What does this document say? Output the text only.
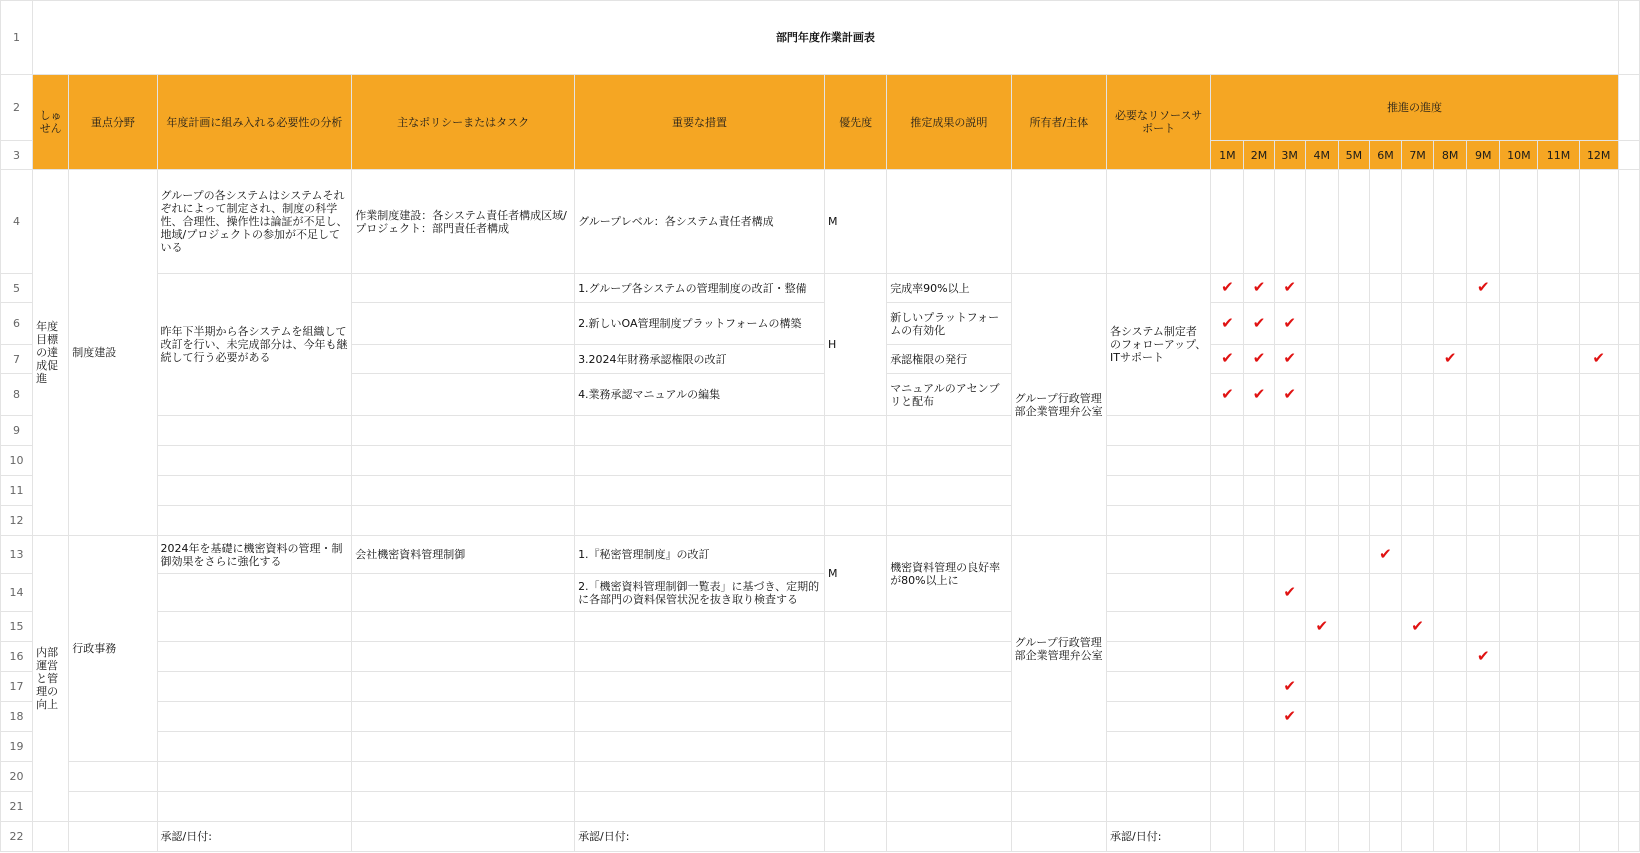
1	部門年度作業計画表																					
2	しゅせん	重点分野	年度計画に組み入れる必要性の分析	主なポリシーまたはタスク	重要な措置	優先度	推定成果の説明	所有者/主体	必要なリソースサポート	推進の進度												
3										1M	2M	3M	4M	5M	6M	7M	8M	9M	10M	11M	12M	
4	年度目標の達成促進	制度建設	グループの各システムはシステムそれぞれによって制定され、制度の科学性、合理性、操作性は論証が不足し、地域/プロジェクトの参加が不足している	作業制度建設：各システム責任者構成区域/プロジェクト：部門責任者構成	グループレベル：各システム責任者構成	M																
5			昨年下半期から各システムを組織して改訂を行い、未完成部分は、今年も継続して行う必要がある		1.グループ各システムの管理制度の改訂・整備	H	完成率90%以上	グループ行政管理部企業管理弁公室	各システム制定者のフォローアップ、ITサポート	✔	✔	✔						✔				
6					2.新しいOA管理制度プラットフォームの構築		新しいプラットフォームの有効化			✔	✔	✔										
7					3.2024年財務承認権限の改訂		承認権限の発行			✔	✔	✔					✔				✔	
8					4.業務承認マニュアルの編集		マニュアルのアセンブリと配布			✔	✔	✔										
9																						
10																						
11																						
12																						
13	内部運営と管理の向上	行政事務	2024年を基礎に機密資料の管理・制御効果をさらに強化する	会社機密資料管理制御	1.『秘密管理制度』の改訂	M	機密資料管理の良好率が80%以上に	グループ行政管理部企業管理弁公室							✔							
14					2.「機密資料管理制御一覧表」に基づき、定期的に各部門の資料保管状況を抜き取り検査する							✔										
15													✔			✔						
16																		✔				
17												✔										
18												✔										
19																						
20																						
21																						
22			承認/日付:		承認/日付:				承認/日付:													
